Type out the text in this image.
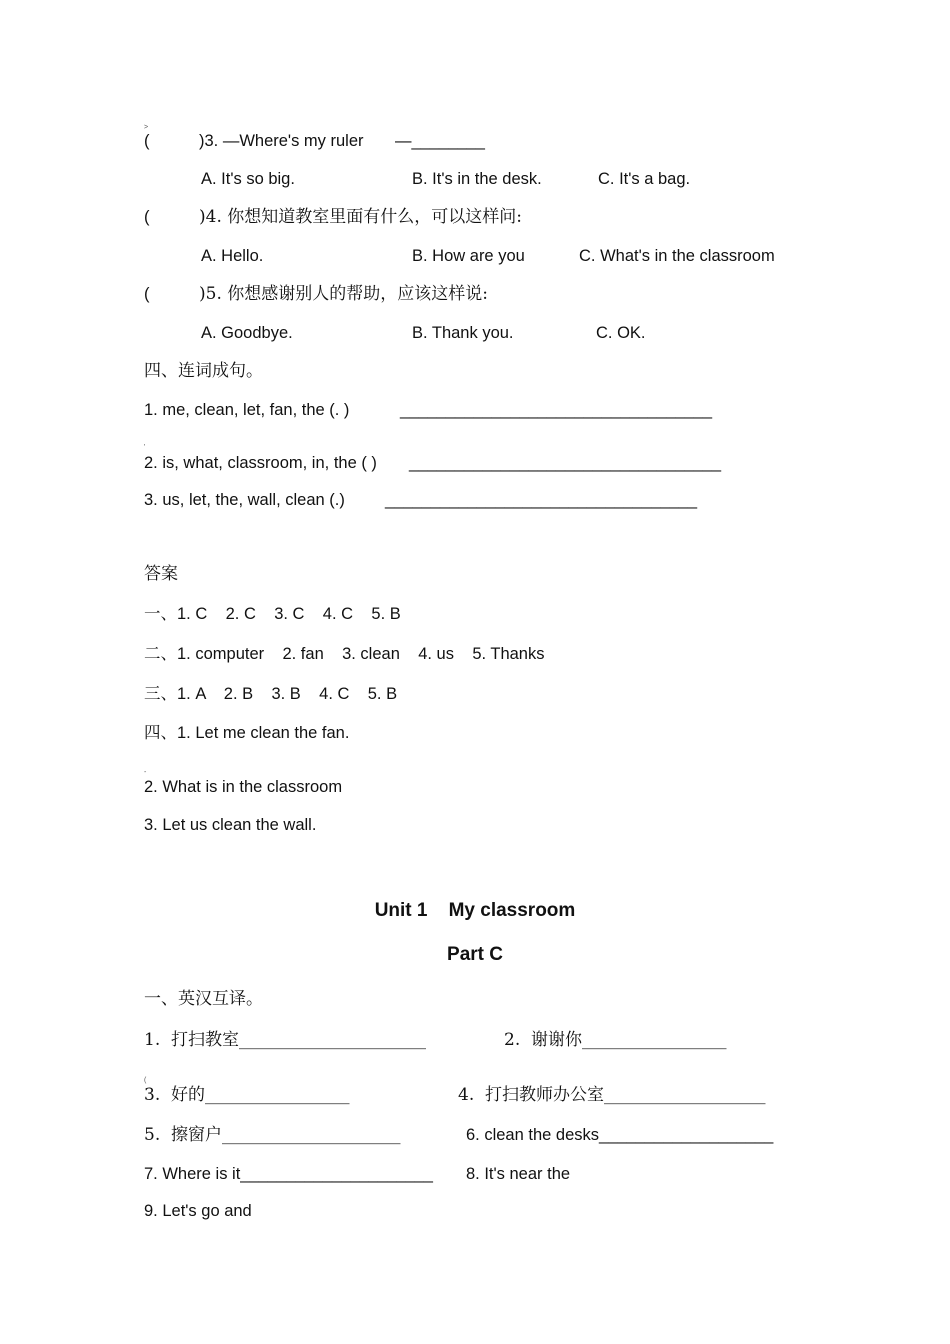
>
'
-
(
(	)3. —Where's my ruler —________
A. It's so big.	B. It's in the desk.	C. It's a bag.
(	)4. 你想知道教室里面有什么，可以这样问:
A. Hello.	B. How are you	C. What's in the classroom
(	)5. 你想感谢别人的帮助，应该这样说:
A. Goodbye.	B. Thank you.	C. OK.
四、连词成句。
1. me, clean, let, fan, the (. )	__________________________________
2. is, what, classroom, in, the ( ) __________________________________
3. us, let, the, wall, clean (.) __________________________________
答案
一、1. C    2. C    3. C    4. C    5. B
二、1. computer    2. fan    3. clean    4. us    5. Thanks
三、1. A    2. B    3. B    4. C    5. B
四、1. Let me clean the fan.
2. What is in the classroom
3. Let us clean the wall.
Unit 1    My classroom
Part C
一、英汉互译。
1.  打扫教室______________________	2.  谢谢你_________________
3.  好的_________________	4.  打扫教师办公室___________________
5.  擦窗户_____________________	6. clean the desks___________________
7. Where is it_____________________ 8. It's near the
9. Let's go and
